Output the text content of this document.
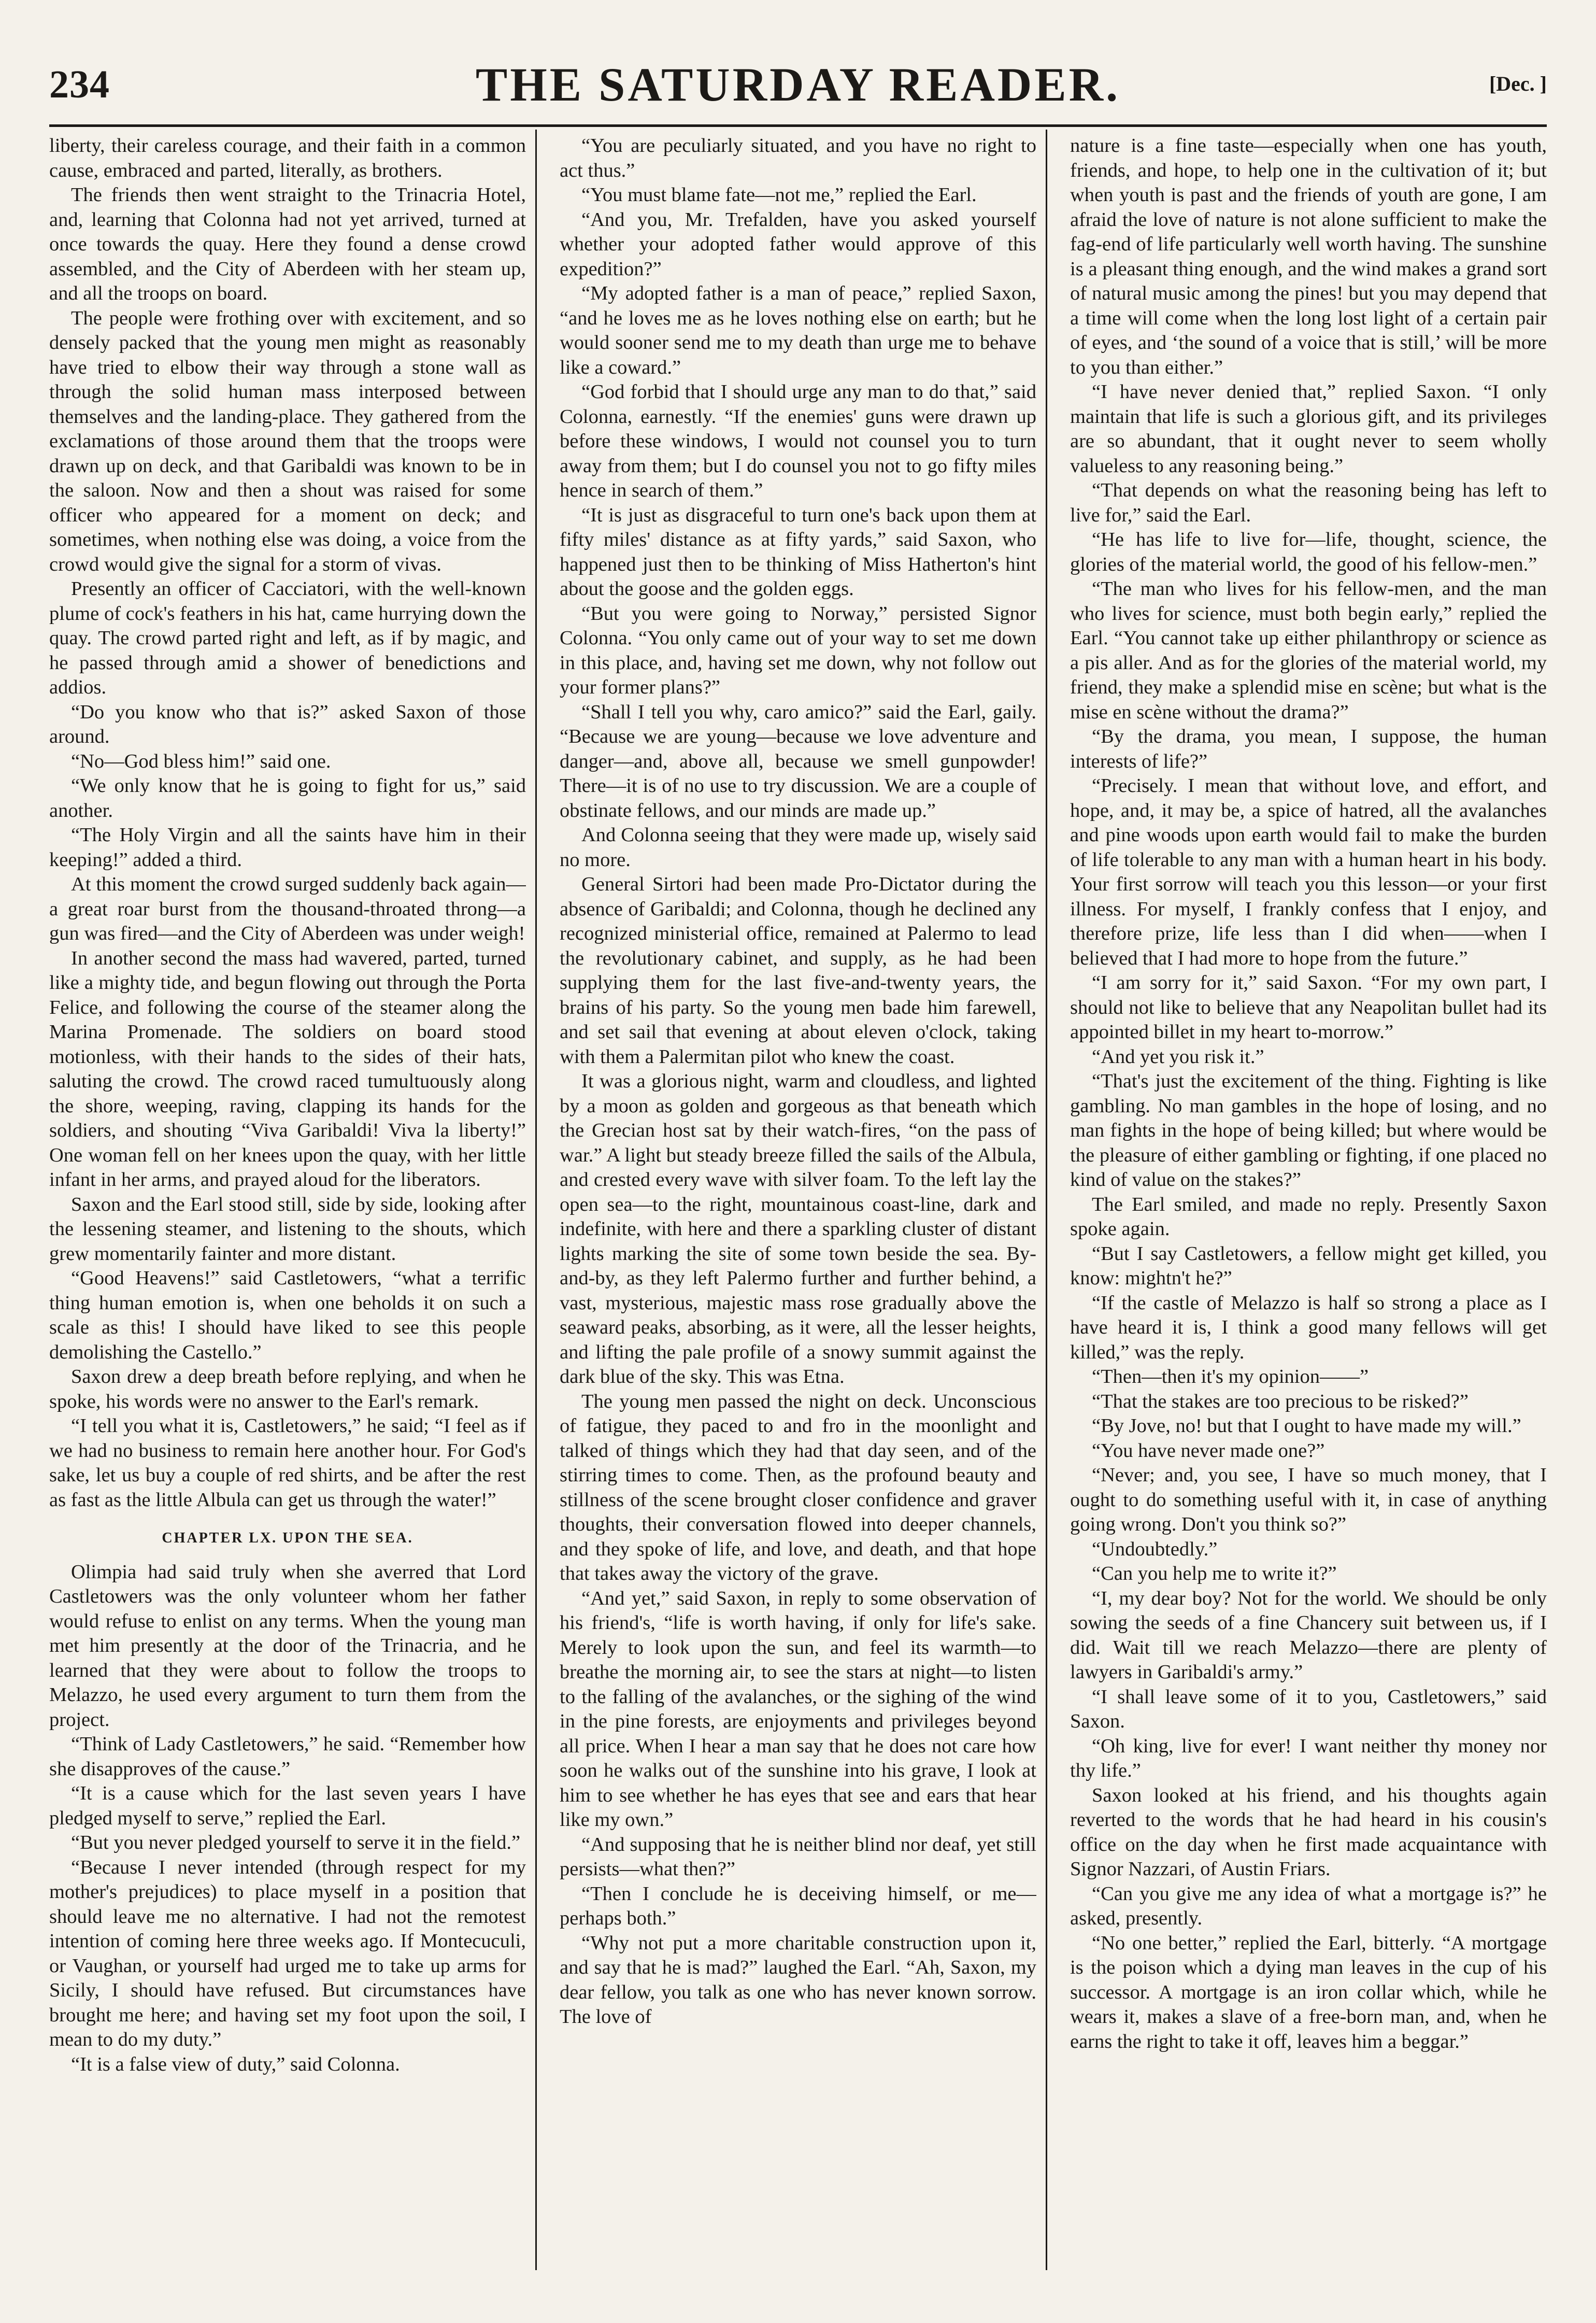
234	THE SATURDAY READER.	[Dec. ]

liberty, their careless courage, and their faith in a common cause, embraced and parted, literally, as brothers.

The friends then went straight to the Trinacria Hotel, and, learning that Colonna had not yet arrived, turned at once towards the quay. Here they found a dense crowd assembled, and the City of Aberdeen with her steam up, and all the troops on board.

The people were frothing over with excitement, and so densely packed that the young men might as reasonably have tried to elbow their way through a stone wall as through the solid human mass interposed between themselves and the landing-place. They gathered from the exclamations of those around them that the troops were drawn up on deck, and that Garibaldi was known to be in the saloon. Now and then a shout was raised for some officer who appeared for a moment on deck; and sometimes, when nothing else was doing, a voice from the crowd would give the signal for a storm of vivas.

Presently an officer of Cacciatori, with the well-known plume of cock's feathers in his hat, came hurrying down the quay. The crowd parted right and left, as if by magic, and he passed through amid a shower of benedictions and addios.

“Do you know who that is?” asked Saxon of those around.

“No—God bless him!” said one.

“We only know that he is going to fight for us,” said another.

“The Holy Virgin and all the saints have him in their keeping!” added a third.

At this moment the crowd surged suddenly back again—a great roar burst from the thousand-throated throng—a gun was fired—and the City of Aberdeen was under weigh!

In another second the mass had wavered, parted, turned like a mighty tide, and begun flowing out through the Porta Felice, and following the course of the steamer along the Marina Promenade. The soldiers on board stood motionless, with their hands to the sides of their hats, saluting the crowd. The crowd raced tumultuously along the shore, weeping, raving, clapping its hands for the soldiers, and shouting “Viva Garibaldi! Viva la liberty!” One woman fell on her knees upon the quay, with her little infant in her arms, and prayed aloud for the liberators.

Saxon and the Earl stood still, side by side, looking after the lessening steamer, and listening to the shouts, which grew momentarily fainter and more distant.

“Good Heavens!” said Castletowers, “what a terrific thing human emotion is, when one beholds it on such a scale as this! I should have liked to see this people demolishing the Castello.”

Saxon drew a deep breath before replying, and when he spoke, his words were no answer to the Earl's remark.

“I tell you what it is, Castletowers,” he said; “I feel as if we had no business to remain here another hour. For God's sake, let us buy a couple of red shirts, and be after the rest as fast as the little Albula can get us through the water!”

CHAPTER LX. UPON THE SEA.

Olimpia had said truly when she averred that Lord Castletowers was the only volunteer whom her father would refuse to enlist on any terms. When the young man met him presently at the door of the Trinacria, and he learned that they were about to follow the troops to Melazzo, he used every argument to turn them from the project.

“Think of Lady Castletowers,” he said. “Remember how she disapproves of the cause.”

“It is a cause which for the last seven years I have pledged myself to serve,” replied the Earl.

“But you never pledged yourself to serve it in the field.”

“Because I never intended (through respect for my mother's prejudices) to place myself in a position that should leave me no alternative. I had not the remotest intention of coming here three weeks ago. If Montecuculi, or Vaughan, or yourself had urged me to take up arms for Sicily, I should have refused. But circumstances have brought me here; and having set my foot upon the soil, I mean to do my duty.”

“It is a false view of duty,” said Colonna.

“You are peculiarly situated, and you have no right to act thus.”

“You must blame fate—not me,” replied the Earl.

“And you, Mr. Trefalden, have you asked yourself whether your adopted father would approve of this expedition?”

“My adopted father is a man of peace,” replied Saxon, “and he loves me as he loves nothing else on earth; but he would sooner send me to my death than urge me to behave like a coward.”

“God forbid that I should urge any man to do that,” said Colonna, earnestly. “If the enemies' guns were drawn up before these windows, I would not counsel you to turn away from them; but I do counsel you not to go fifty miles hence in search of them.”

“It is just as disgraceful to turn one's back upon them at fifty miles' distance as at fifty yards,” said Saxon, who happened just then to be thinking of Miss Hatherton's hint about the goose and the golden eggs.

“But you were going to Norway,” persisted Signor Colonna. “You only came out of your way to set me down in this place, and, having set me down, why not follow out your former plans?”

“Shall I tell you why, caro amico?” said the Earl, gaily. “Because we are young—because we love adventure and danger—and, above all, because we smell gunpowder! There—it is of no use to try discussion. We are a couple of obstinate fellows, and our minds are made up.”

And Colonna seeing that they were made up, wisely said no more.

General Sirtori had been made Pro-Dictator during the absence of Garibaldi; and Colonna, though he declined any recognized ministerial office, remained at Palermo to lead the revolutionary cabinet, and supply, as he had been supplying them for the last five-and-twenty years, the brains of his party. So the young men bade him farewell, and set sail that evening at about eleven o'clock, taking with them a Palermitan pilot who knew the coast.

It was a glorious night, warm and cloudless, and lighted by a moon as golden and gorgeous as that beneath which the Grecian host sat by their watch-fires, “on the pass of war.” A light but steady breeze filled the sails of the Albula, and crested every wave with silver foam. To the left lay the open sea—to the right, mountainous coast-line, dark and indefinite, with here and there a sparkling cluster of distant lights marking the site of some town beside the sea. By-and-by, as they left Palermo further and further behind, a vast, mysterious, majestic mass rose gradually above the seaward peaks, absorbing, as it were, all the lesser heights, and lifting the pale profile of a snowy summit against the dark blue of the sky. This was Etna.

The young men passed the night on deck. Unconscious of fatigue, they paced to and fro in the moonlight and talked of things which they had that day seen, and of the stirring times to come. Then, as the profound beauty and stillness of the scene brought closer confidence and graver thoughts, their conversation flowed into deeper channels, and they spoke of life, and love, and death, and that hope that takes away the victory of the grave.

“And yet,” said Saxon, in reply to some observation of his friend's, “life is worth having, if only for life's sake. Merely to look upon the sun, and feel its warmth—to breathe the morning air, to see the stars at night—to listen to the falling of the avalanches, or the sighing of the wind in the pine forests, are enjoyments and privileges beyond all price. When I hear a man say that he does not care how soon he walks out of the sunshine into his grave, I look at him to see whether he has eyes that see and ears that hear like my own.”

“And supposing that he is neither blind nor deaf, yet still persists—what then?”

“Then I conclude he is deceiving himself, or me—perhaps both.”

“Why not put a more charitable construction upon it, and say that he is mad?” laughed the Earl. “Ah, Saxon, my dear fellow, you talk as one who has never known sorrow. The love of

nature is a fine taste—especially when one has youth, friends, and hope, to help one in the cultivation of it; but when youth is past and the friends of youth are gone, I am afraid the love of nature is not alone sufficient to make the fag-end of life particularly well worth having. The sunshine is a pleasant thing enough, and the wind makes a grand sort of natural music among the pines! but you may depend that a time will come when the long lost light of a certain pair of eyes, and ‘the sound of a voice that is still,’ will be more to you than either.”

“I have never denied that,” replied Saxon. “I only maintain that life is such a glorious gift, and its privileges are so abundant, that it ought never to seem wholly valueless to any reasoning being.”

“That depends on what the reasoning being has left to live for,” said the Earl.

“He has life to live for—life, thought, science, the glories of the material world, the good of his fellow-men.”

“The man who lives for his fellow-men, and the man who lives for science, must both begin early,” replied the Earl. “You cannot take up either philanthropy or science as a pis aller. And as for the glories of the material world, my friend, they make a splendid mise en scène; but what is the mise en scène without the drama?”

“By the drama, you mean, I suppose, the human interests of life?”

“Precisely. I mean that without love, and effort, and hope, and, it may be, a spice of hatred, all the avalanches and pine woods upon earth would fail to make the burden of life tolerable to any man with a human heart in his body. Your first sorrow will teach you this lesson—or your first illness. For myself, I frankly confess that I enjoy, and therefore prize, life less than I did when——when I believed that I had more to hope from the future.”

“I am sorry for it,” said Saxon. “For my own part, I should not like to believe that any Neapolitan bullet had its appointed billet in my heart to-morrow.”

“And yet you risk it.”

“That's just the excitement of the thing. Fighting is like gambling. No man gambles in the hope of losing, and no man fights in the hope of being killed; but where would be the pleasure of either gambling or fighting, if one placed no kind of value on the stakes?”

The Earl smiled, and made no reply. Presently Saxon spoke again.

“But I say Castletowers, a fellow might get killed, you know: mightn't he?”

“If the castle of Melazzo is half so strong a place as I have heard it is, I think a good many fellows will get killed,” was the reply.

“Then—then it's my opinion——”

“That the stakes are too precious to be risked?”

“By Jove, no! but that I ought to have made my will.”

“You have never made one?”

“Never; and, you see, I have so much money, that I ought to do something useful with it, in case of anything going wrong. Don't you think so?”

“Undoubtedly.”

“Can you help me to write it?”

“I, my dear boy? Not for the world. We should be only sowing the seeds of a fine Chancery suit between us, if I did. Wait till we reach Melazzo—there are plenty of lawyers in Garibaldi's army.”

“I shall leave some of it to you, Castletowers,” said Saxon.

“Oh king, live for ever! I want neither thy money nor thy life.”

Saxon looked at his friend, and his thoughts again reverted to the words that he had heard in his cousin's office on the day when he first made acquaintance with Signor Nazzari, of Austin Friars.

“Can you give me any idea of what a mortgage is?” he asked, presently.

“No one better,” replied the Earl, bitterly. “A mortgage is the poison which a dying man leaves in the cup of his successor. A mortgage is an iron collar which, while he wears it, makes a slave of a free-born man, and, when he earns the right to take it off, leaves him a beggar.”
